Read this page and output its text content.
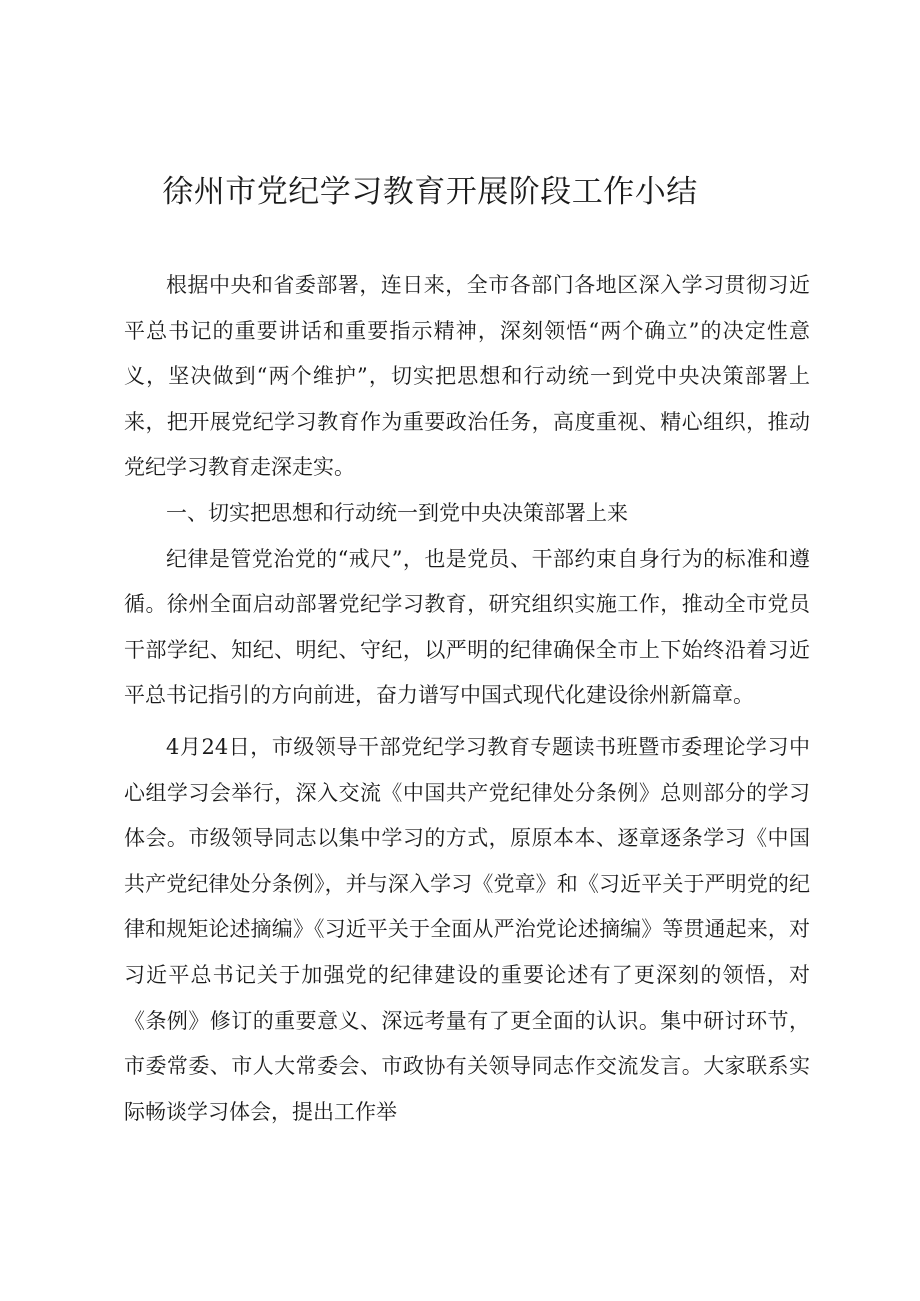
徐州市党纪学习教育开展阶段工作小结

根据中央和省委部署，连日来，全市各部门各地区深入学习贯彻习近平总书记的重要讲话和重要指示精神，深刻领悟“两个确立”的决定性意义，坚决做到“两个维护”，切实把思想和行动统一到党中央决策部署上来，把开展党纪学习教育作为重要政治任务，高度重视、精心组织，推动党纪学习教育走深走实。

一、切实把思想和行动统一到党中央决策部署上来

纪律是管党治党的“戒尺”，也是党员、干部约束自身行为的标准和遵循。徐州全面启动部署党纪学习教育，研究组织实施工作，推动全市党员干部学纪、知纪、明纪、守纪，以严明的纪律确保全市上下始终沿着习近平总书记指引的方向前进，奋力谱写中国式现代化建设徐州新篇章。

4月24日，市级领导干部党纪学习教育专题读书班暨市委理论学习中心组学习会举行，深入交流《中国共产党纪律处分条例》总则部分的学习体会。市级领导同志以集中学习的方式，原原本本、逐章逐条学习《中国共产党纪律处分条例》，并与深入学习《党章》和《习近平关于严明党的纪律和规矩论述摘编》《习近平关于全面从严治党论述摘编》等贯通起来，对习近平总书记关于加强党的纪律建设的重要论述有了更深刻的领悟，对《条例》修订的重要意义、深远考量有了更全面的认识。集中研讨环节，市委常委、市人大常委会、市政协有关领导同志作交流发言。大家联系实际畅谈学习体会，提出工作举
